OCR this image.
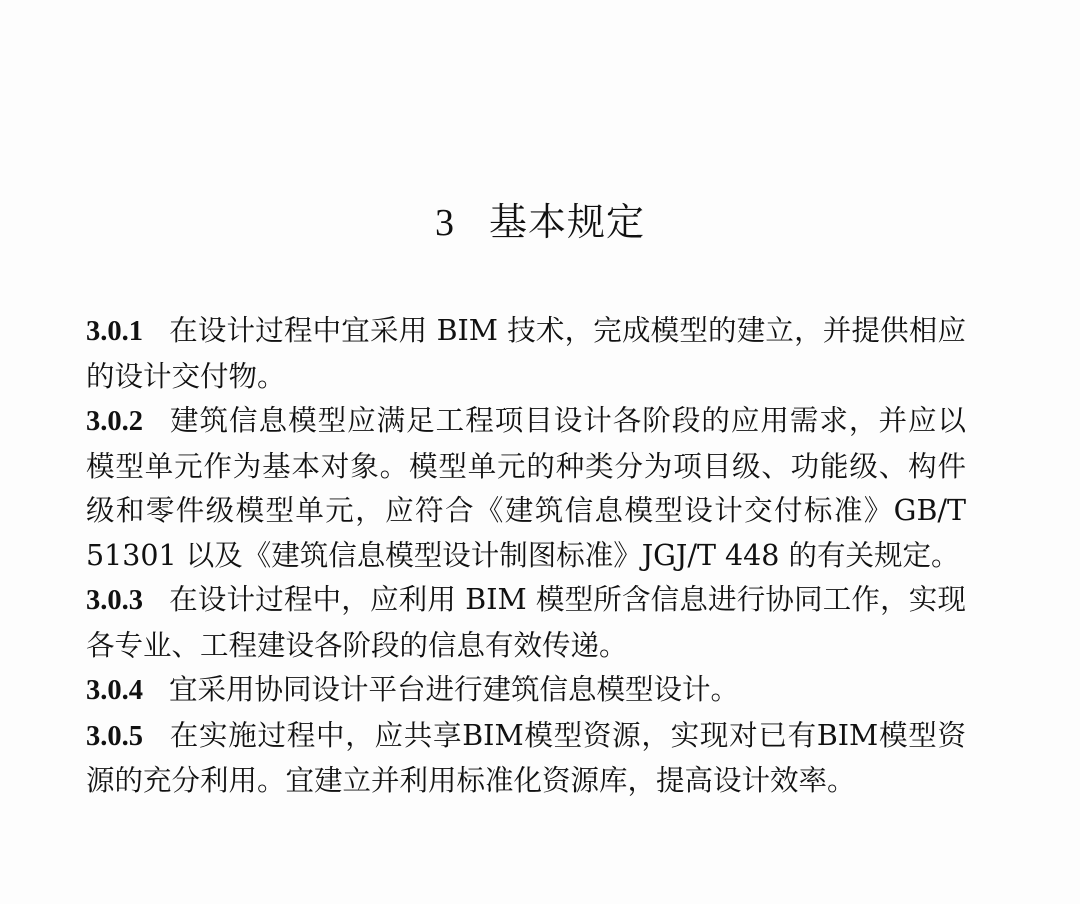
3 基本规定

3.0.1 在设计过程中宜采用 BIM 技术，完成模型的建立，并提供相应的设计交付物。

3.0.2 建筑信息模型应满足工程项目设计各阶段的应用需求，并应以模型单元作为基本对象。模型单元的种类分为项目级、功能级、构件级和零件级模型单元，应符合《建筑信息模型设计交付标准》GB/T 51301 以及《建筑信息模型设计制图标准》JGJ/T 448 的有关规定。

3.0.3 在设计过程中，应利用 BIM 模型所含信息进行协同工作，实现各专业、工程建设各阶段的信息有效传递。

3.0.4 宜采用协同设计平台进行建筑信息模型设计。

3.0.5 在实施过程中，应共享BIM模型资源，实现对已有BIM模型资源的充分利用。宜建立并利用标准化资源库，提高设计效率。
